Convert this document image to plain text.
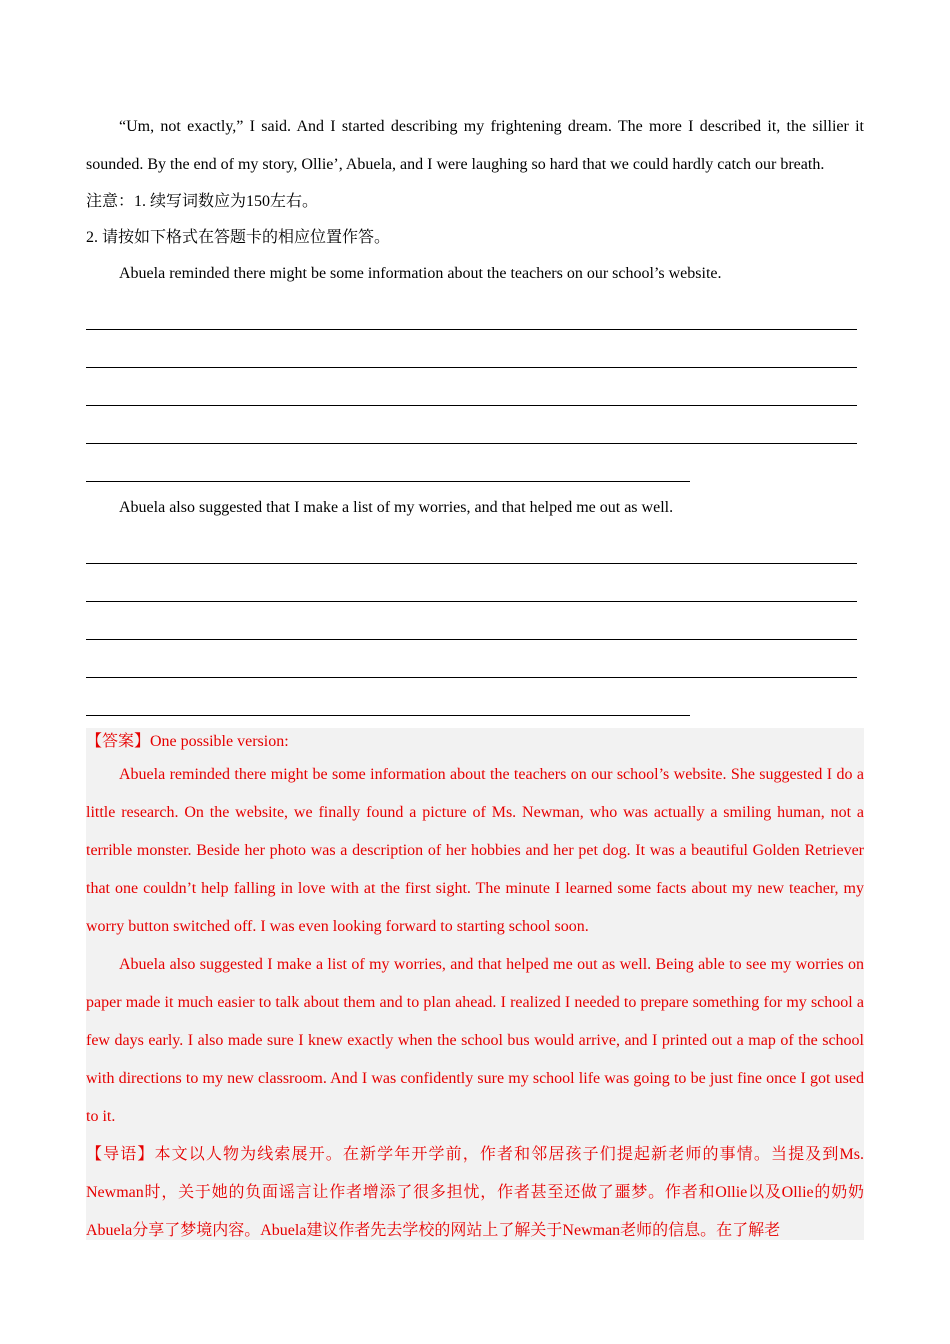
“Um, not exactly,” I said. And I started describing my frightening dream. The more I described it, the sillier it sounded. By the end of my story, Ollie’, Abuela, and I were laughing so hard that we could hardly catch our breath.

注意：1. 续写词数应为150左右。

2. 请按如下格式在答题卡的相应位置作答。

Abuela reminded there might be some information about the teachers on our school’s website.

Abuela also suggested that I make a list of my worries, and that helped me out as well.

【答案】One possible version:

Abuela reminded there might be some information about the teachers on our school’s website. She suggested I do a little research. On the website, we finally found a picture of Ms. Newman, who was actually a smiling human, not a terrible monster. Beside her photo was a description of her hobbies and her pet dog. It was a beautiful Golden Retriever that one couldn’t help falling in love with at the first sight. The minute I learned some facts about my new teacher, my worry button switched off. I was even looking forward to starting school soon.

Abuela also suggested I make a list of my worries, and that helped me out as well. Being able to see my worries on paper made it much easier to talk about them and to plan ahead. I realized I needed to prepare something for my school a few days early. I also made sure I knew exactly when the school bus would arrive, and I printed out a map of the school with directions to my new classroom. And I was confidently sure my school life was going to be just fine once I got used to it.

【导语】本文以人物为线索展开。在新学年开学前，作者和邻居孩子们提起新老师的事情。当提及到Ms. Newman时，关于她的负面谣言让作者增添了很多担忧，作者甚至还做了噩梦。作者和Ollie以及Ollie的奶奶Abuela分享了梦境内容。Abuela建议作者先去学校的网站上了解关于Newman老师的信息。在了解老
